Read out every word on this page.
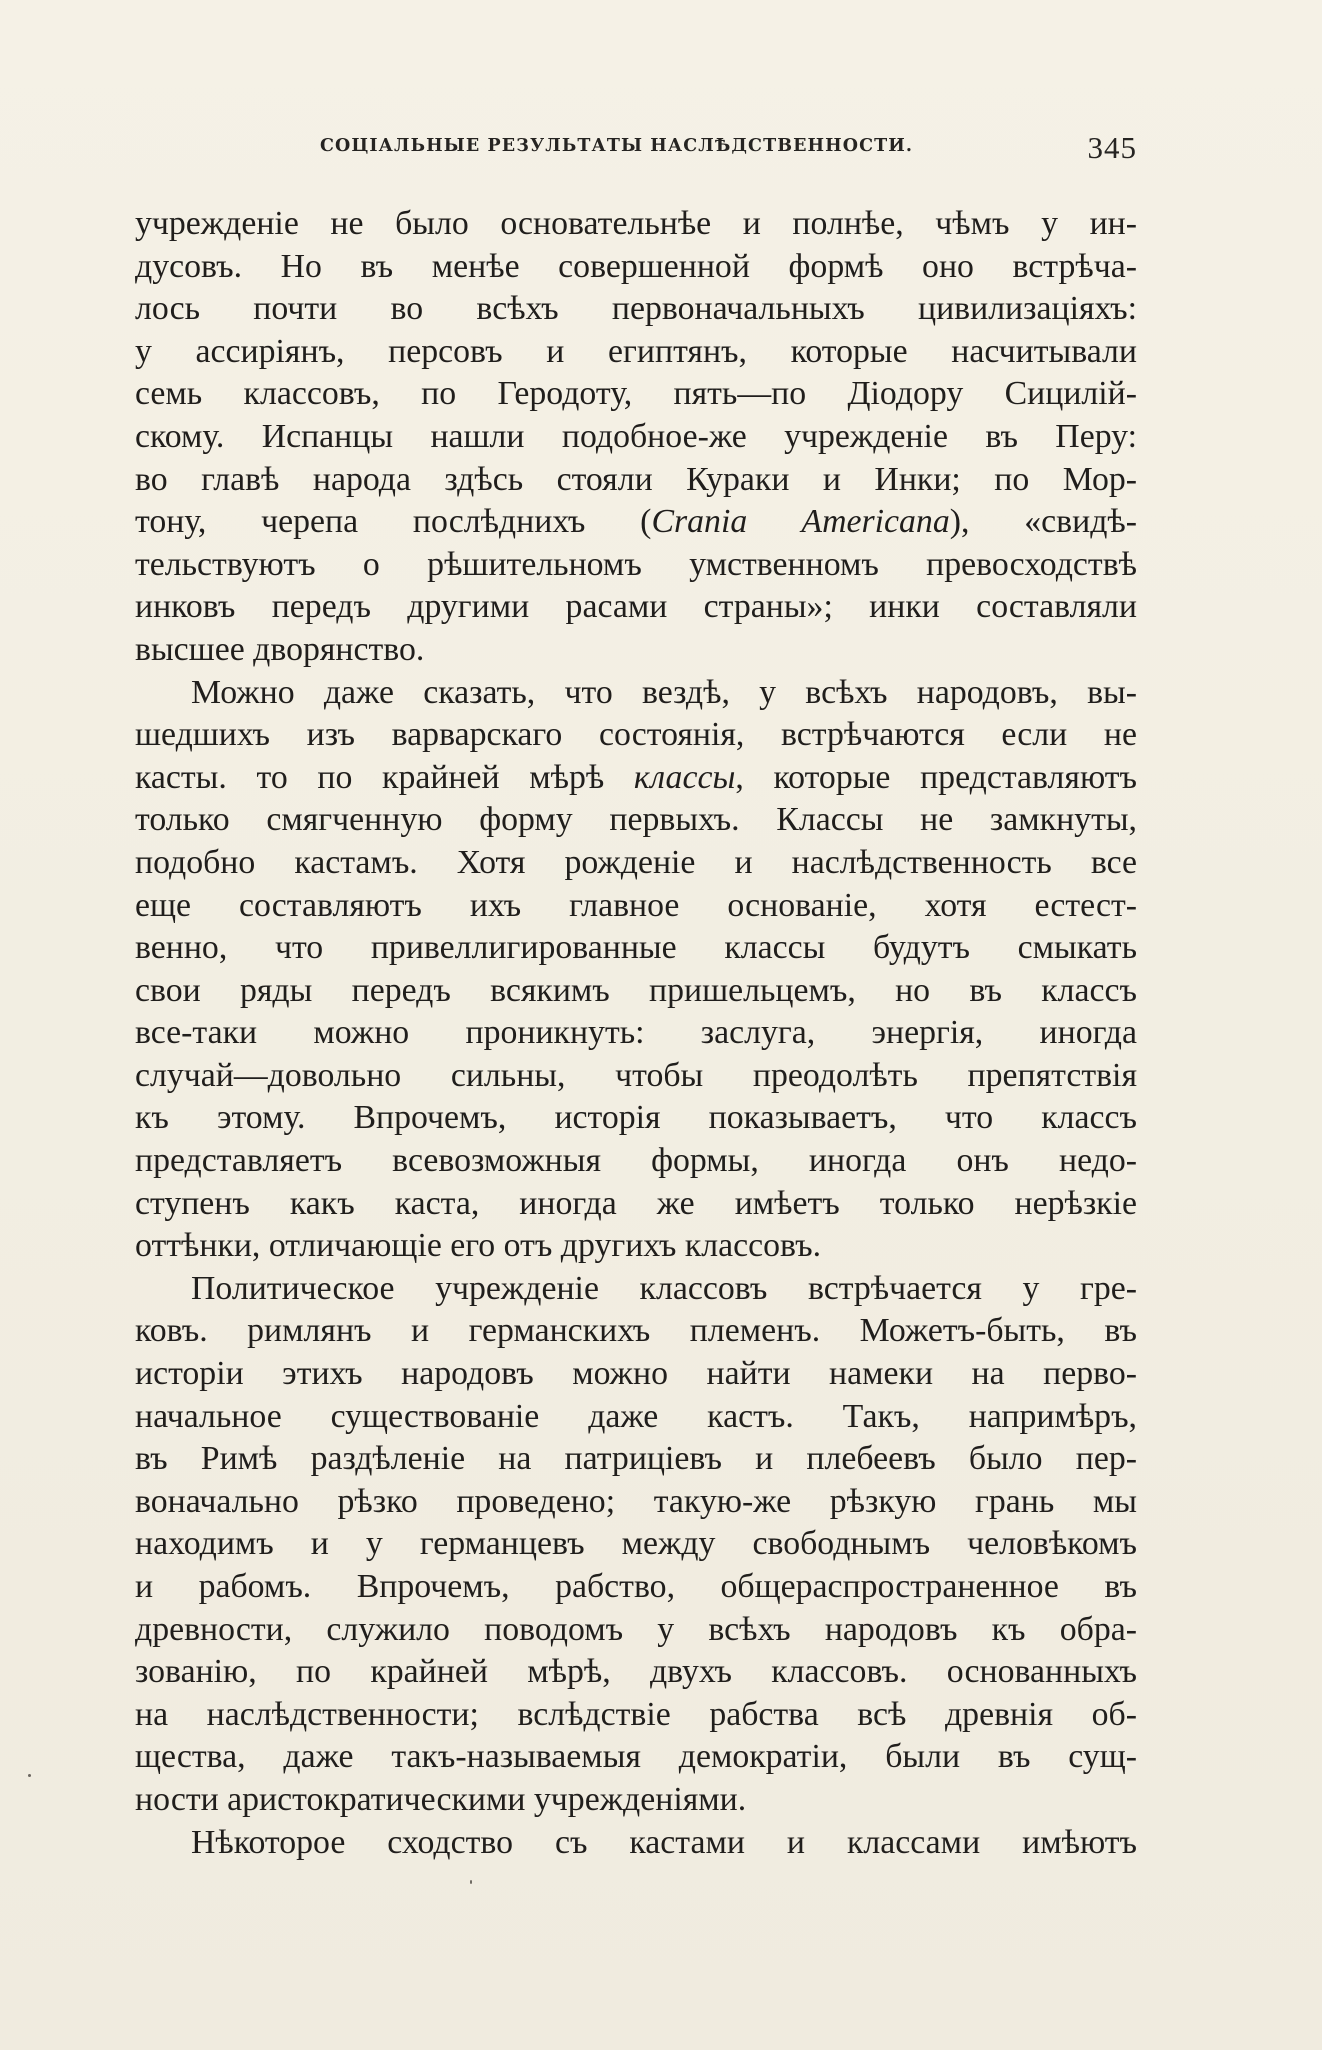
СОЦІАЛЬНЫЕ РЕЗУЛЬТАТЫ НАСЛѢДСТВЕННОСТИ.	345
учрежденіе не было основательнѣе и полнѣе, чѣмъ у ин-
дусовъ. Но въ менѣе совершенной формѣ оно встрѣча-
лось почти во всѣхъ первоначальныхъ цивилизаціяхъ:
у ассиріянъ, персовъ и египтянъ, которые насчитывали
семь классовъ, по Геродоту, пять—по Діодору Сицилій-
скому. Испанцы нашли подобное-же учрежденіе въ Перу:
во главѣ народа здѣсь стояли Кураки и Инки; по Мор-
тону, черепа послѣднихъ (Crania Americana), «свидѣ-
тельствуютъ о рѣшительномъ умственномъ превосходствѣ
инковъ передъ другими расами страны»; инки составляли
высшее дворянство.
Можно даже сказать, что вездѣ, у всѣхъ народовъ, вы-
шедшихъ изъ варварскаго состоянія, встрѣчаются если не
касты. то по крайней мѣрѣ классы, которые представляютъ
только смягченную форму первыхъ. Классы не замкнуты,
подобно кастамъ. Хотя рожденіе и наслѣдственность все
еще составляютъ ихъ главное основаніе, хотя естест-
венно, что привеллигированные классы будутъ смыкать
свои ряды передъ всякимъ пришельцемъ, но въ классъ
все-таки можно проникнуть: заслуга, энергія, иногда
случай—довольно сильны, чтобы преодолѣть препятствія
къ этому. Впрочемъ, исторія показываетъ, что классъ
представляетъ всевозможныя формы, иногда онъ недо-
ступенъ какъ каста, иногда же имѣетъ только нерѣзкіе
оттѣнки, отличающіе его отъ другихъ классовъ.
Политическое учрежденіе классовъ встрѣчается у гре-
ковъ. римлянъ и германскихъ племенъ. Можетъ-быть, въ
исторіи этихъ народовъ можно найти намеки на перво-
начальное существованіе даже кастъ. Такъ, напримѣръ,
въ Римѣ раздѣленіе на патриціевъ и плебеевъ было пер-
воначально рѣзко проведено; такую-же рѣзкую грань мы
находимъ и у германцевъ между свободнымъ человѣкомъ
и рабомъ. Впрочемъ, рабство, общераспространенное въ
древности, служило поводомъ у всѣхъ народовъ къ обра-
зованію, по крайней мѣрѣ, двухъ классовъ. основанныхъ
на наслѣдственности; вслѣдствіе рабства всѣ древнія об-
щества, даже такъ-называемыя демократіи, были въ сущ-
ности аристократическими учрежденіями.
Нѣкоторое сходство съ кастами и классами имѣютъ
